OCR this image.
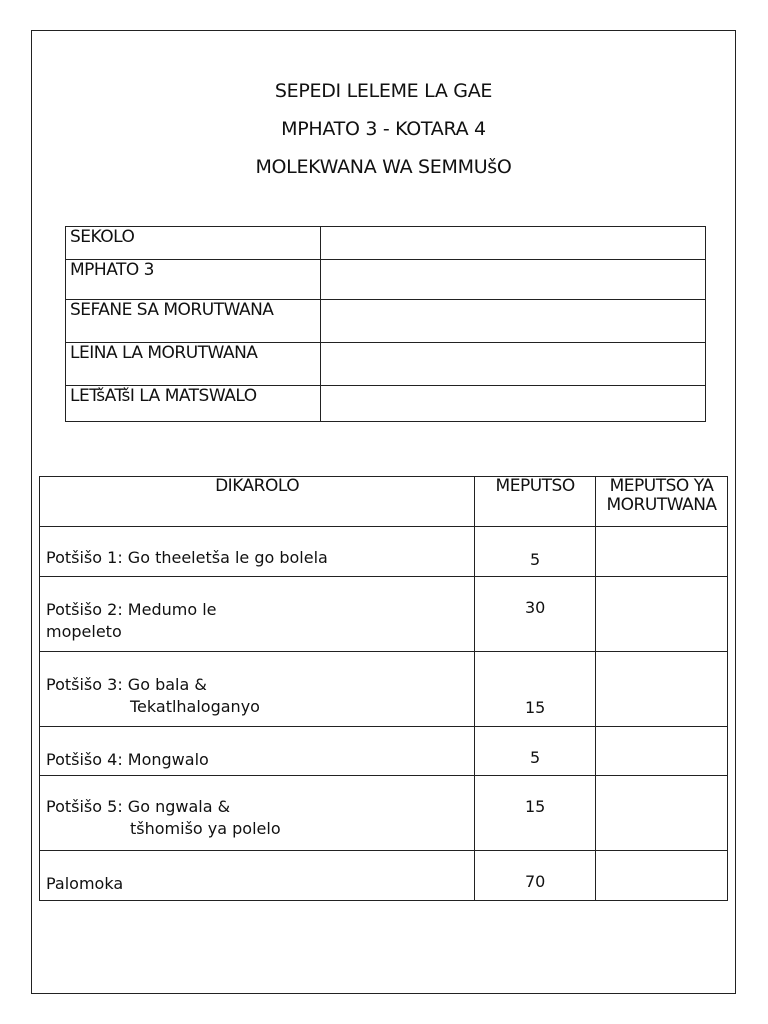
SEPEDI LELEME LA GAE
MPHATO 3 - KOTARA 4
MOLEKWANA WA SEMMUšO
SEKOLO	
MPHATO 3	
SEFANE SA MORUTWANA	
LEINA LA MORUTWANA	
LETšATšI LA MATSWALO	
DIKAROLO	MEPUTSO	MEPUTSO YA
MORUTWANA

Potšišo 1: Go theeletša le go bolela	5	

Potšišo 2: Medumo le
mopeleto	30	

Potšišo 3: Go bala &
Tekatlhaloganyo	15	

Potšišo 4: Mongwalo	5	

Potšišo 5: Go ngwala &
tšhomišo ya polelo	15	

Palomoka	70	
